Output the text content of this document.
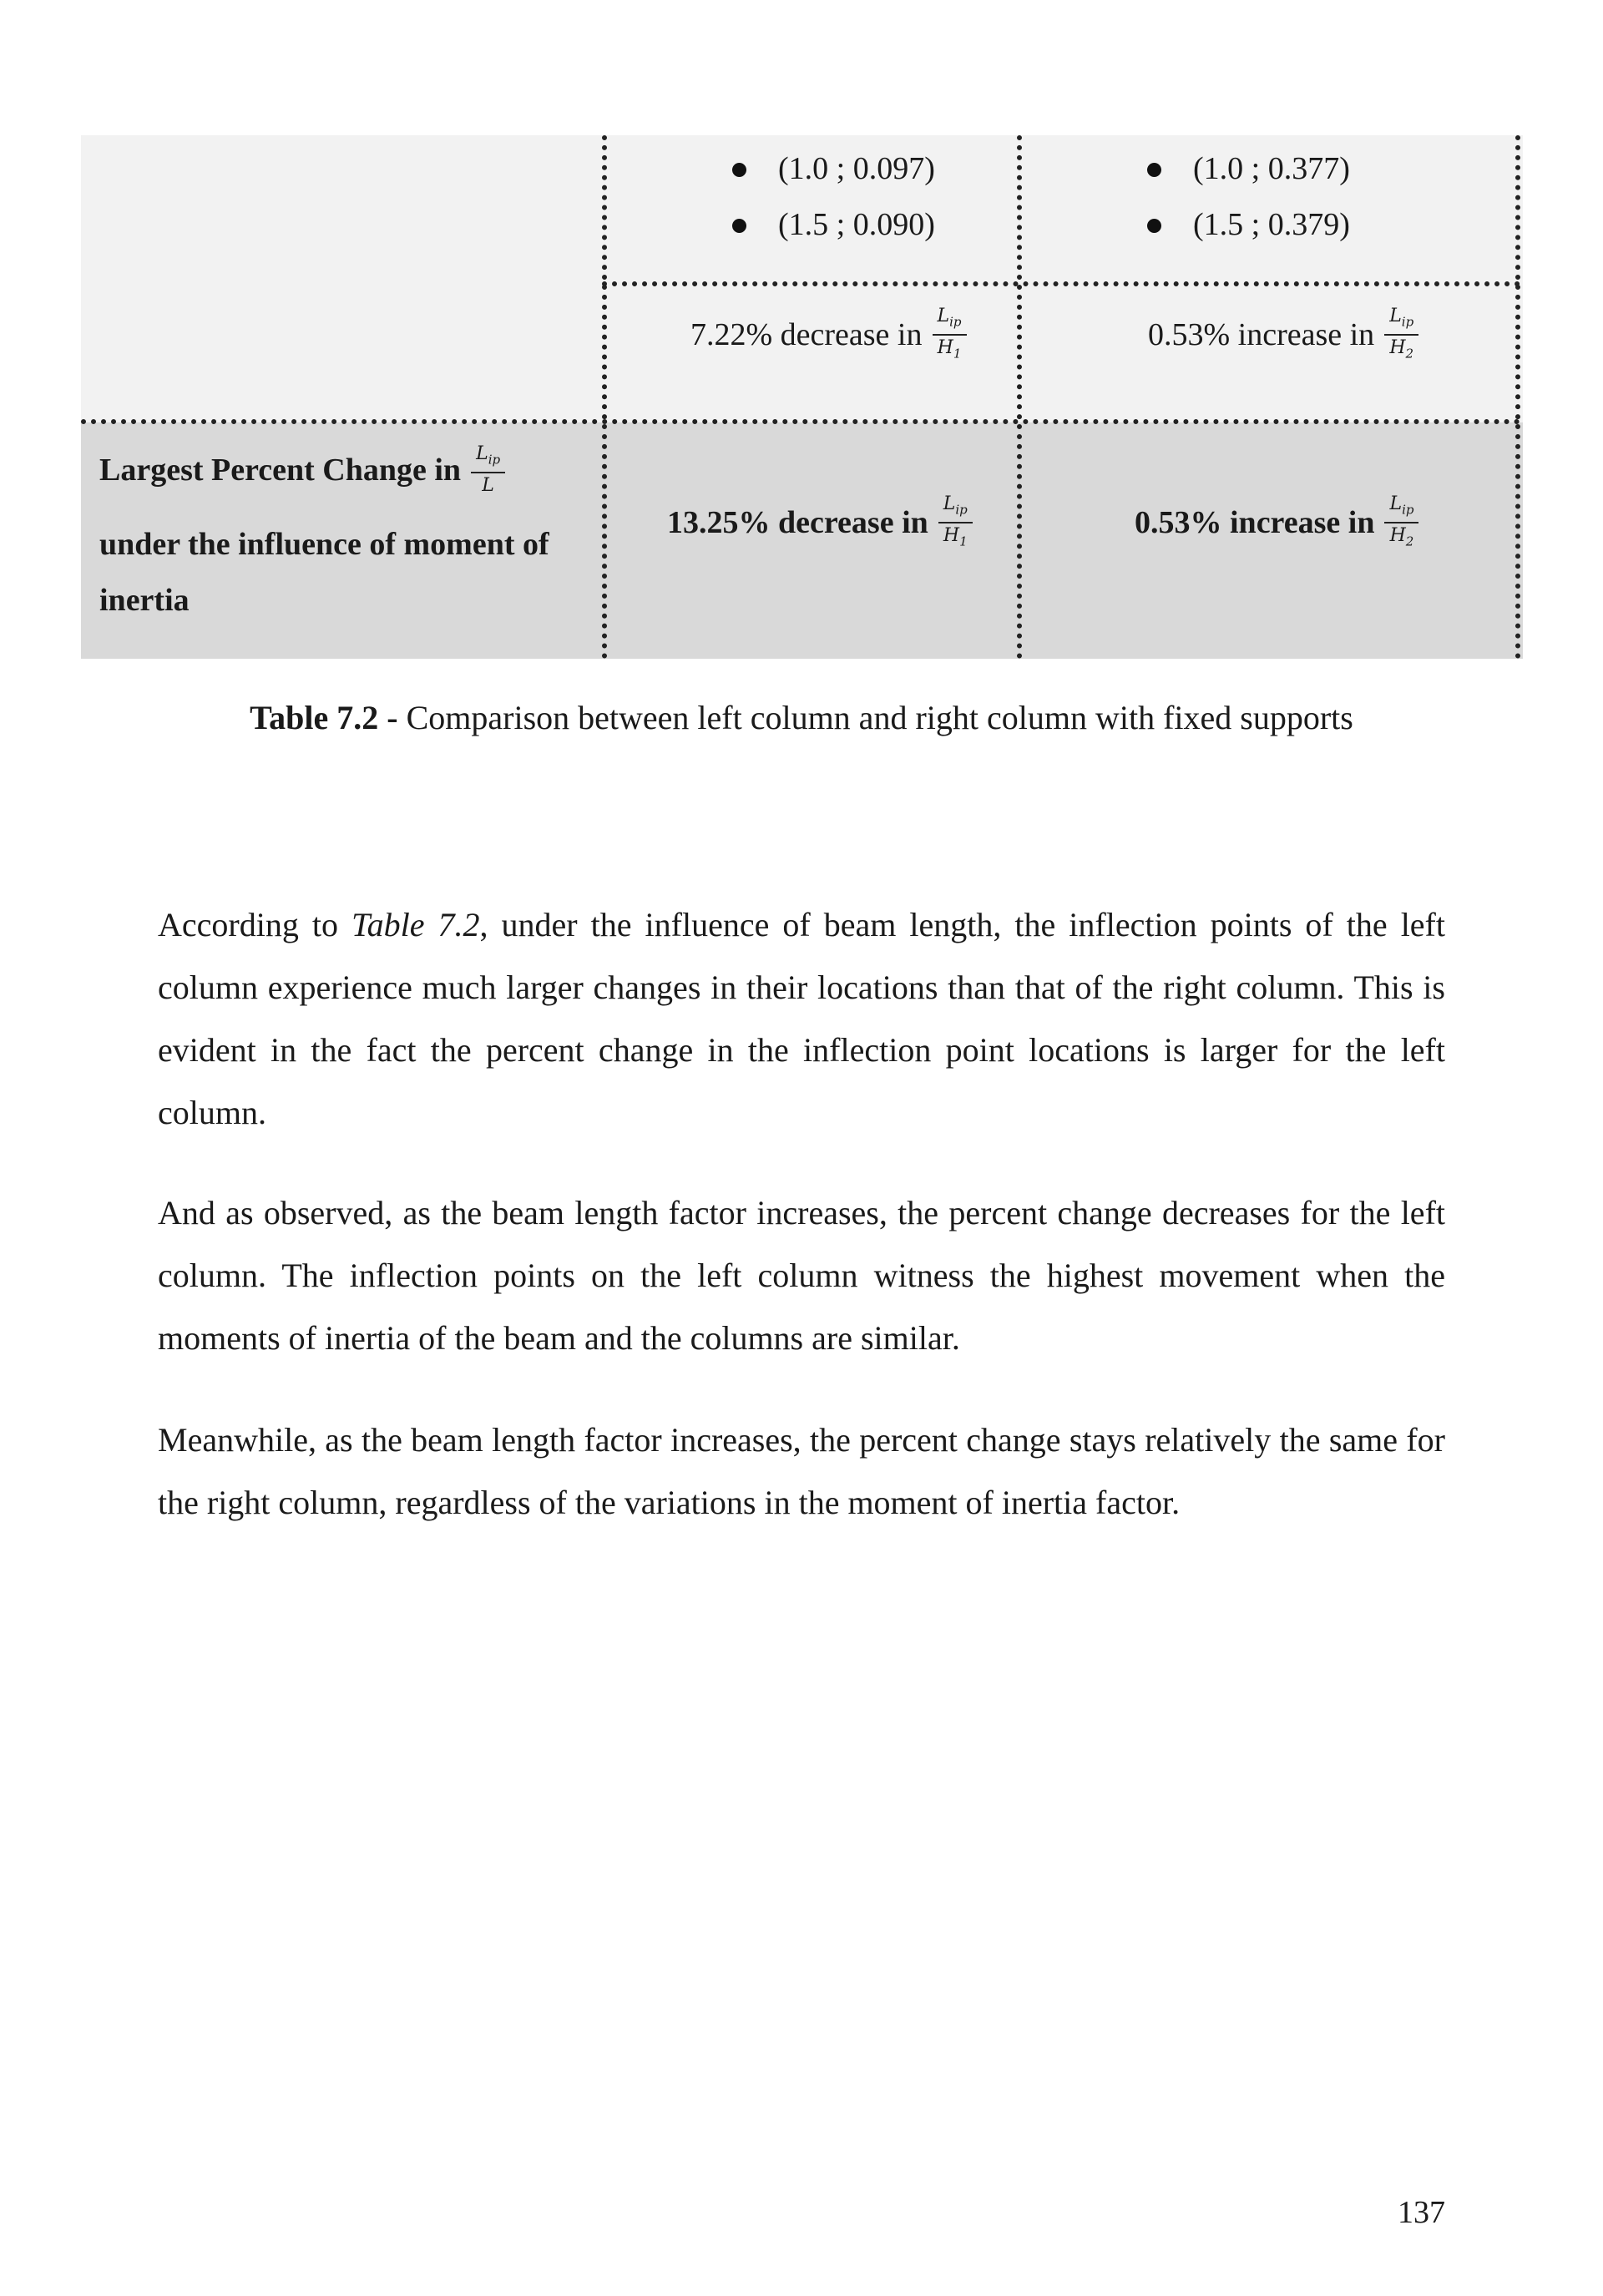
(1.0 ; 0.097)
(1.5 ; 0.090)
(1.0 ; 0.377)
(1.5 ; 0.379)
7.22% decrease in $\frac{L_{ip}}{H_1}$	0.53% increase in $\frac{L_{ip}}{H_2}$
Largest Percent Change in $\frac{L_{ip}}{L}$
under the influence of moment of
inertia
13.25% decrease in $\frac{L_{ip}}{H_1}$	0.53% increase in $\frac{L_{ip}}{H_2}$
Table 7.2 - Comparison between left column and right column with fixed supports

According to Table 7.2, under the influence of beam length, the inflection points of the left column experience much larger changes in their locations than that of the right column. This is evident in the fact the percent change in the inflection point locations is larger for the left column.

And as observed, as the beam length factor increases, the percent change decreases for the left column. The inflection points on the left column witness the highest movement when the moments of inertia of the beam and the columns are similar.

Meanwhile, as the beam length factor increases, the percent change stays relatively the same for the right column, regardless of the variations in the moment of inertia factor.

137
